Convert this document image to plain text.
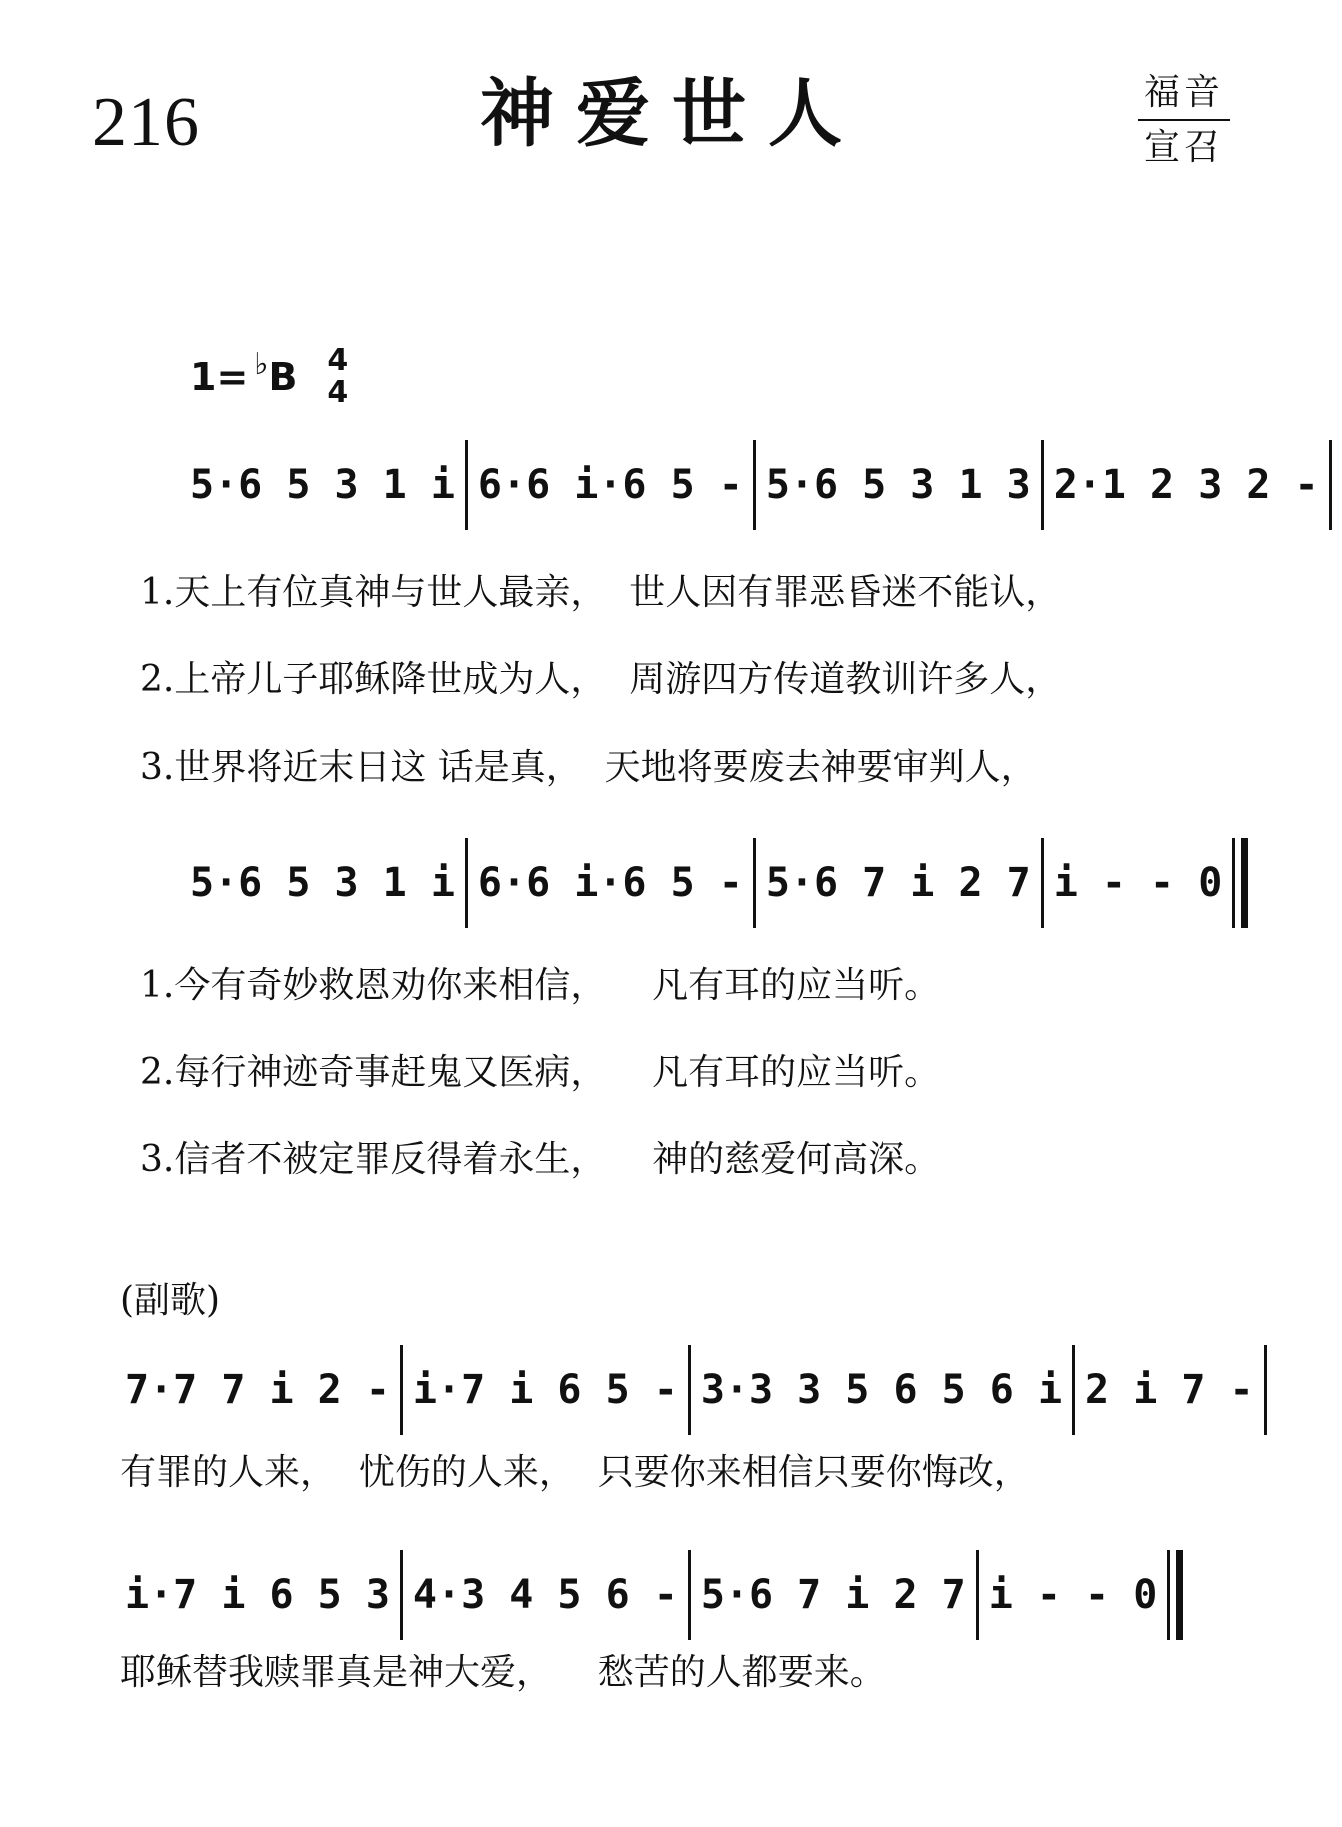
216	神爱世人	福音
宣召
1= ♭ B 4
4
5·6 5 3 1 i 6·6 i·6 5 - 5·6 5 3 1 3 2·1 2 3 2 -
1.天上有位真神与世人最亲，  世人因有罪恶昏迷不能认，
2.上帝儿子耶稣降世成为人，  周游四方传道教训许多人，
3.世界将近末日这 话是真，  天地将要废去神要审判人，
5·6 5 3 1 i 6·6 i·6 5 - 5·6 7 i 2 7 i - - 0
1.今有奇妙救恩劝你来相信，    凡有耳的应当听。
2.每行神迹奇事赶鬼又医病，    凡有耳的应当听。
3.信者不被定罪反得着永生，    神的慈爱何高深。
(副歌)
7·7 7 i 2 - i·7 i 6 5 - 3·3 3 5 6 5 6 i 2 i 7 -
有罪的人来，  忧伤的人来，  只要你来相信只要你悔改，
i·7 i 6 5 3 4·3 4 5 6 - 5·6 7 i 2 7 i - - 0
耶稣替我赎罪真是神大爱，    愁苦的人都要来。
